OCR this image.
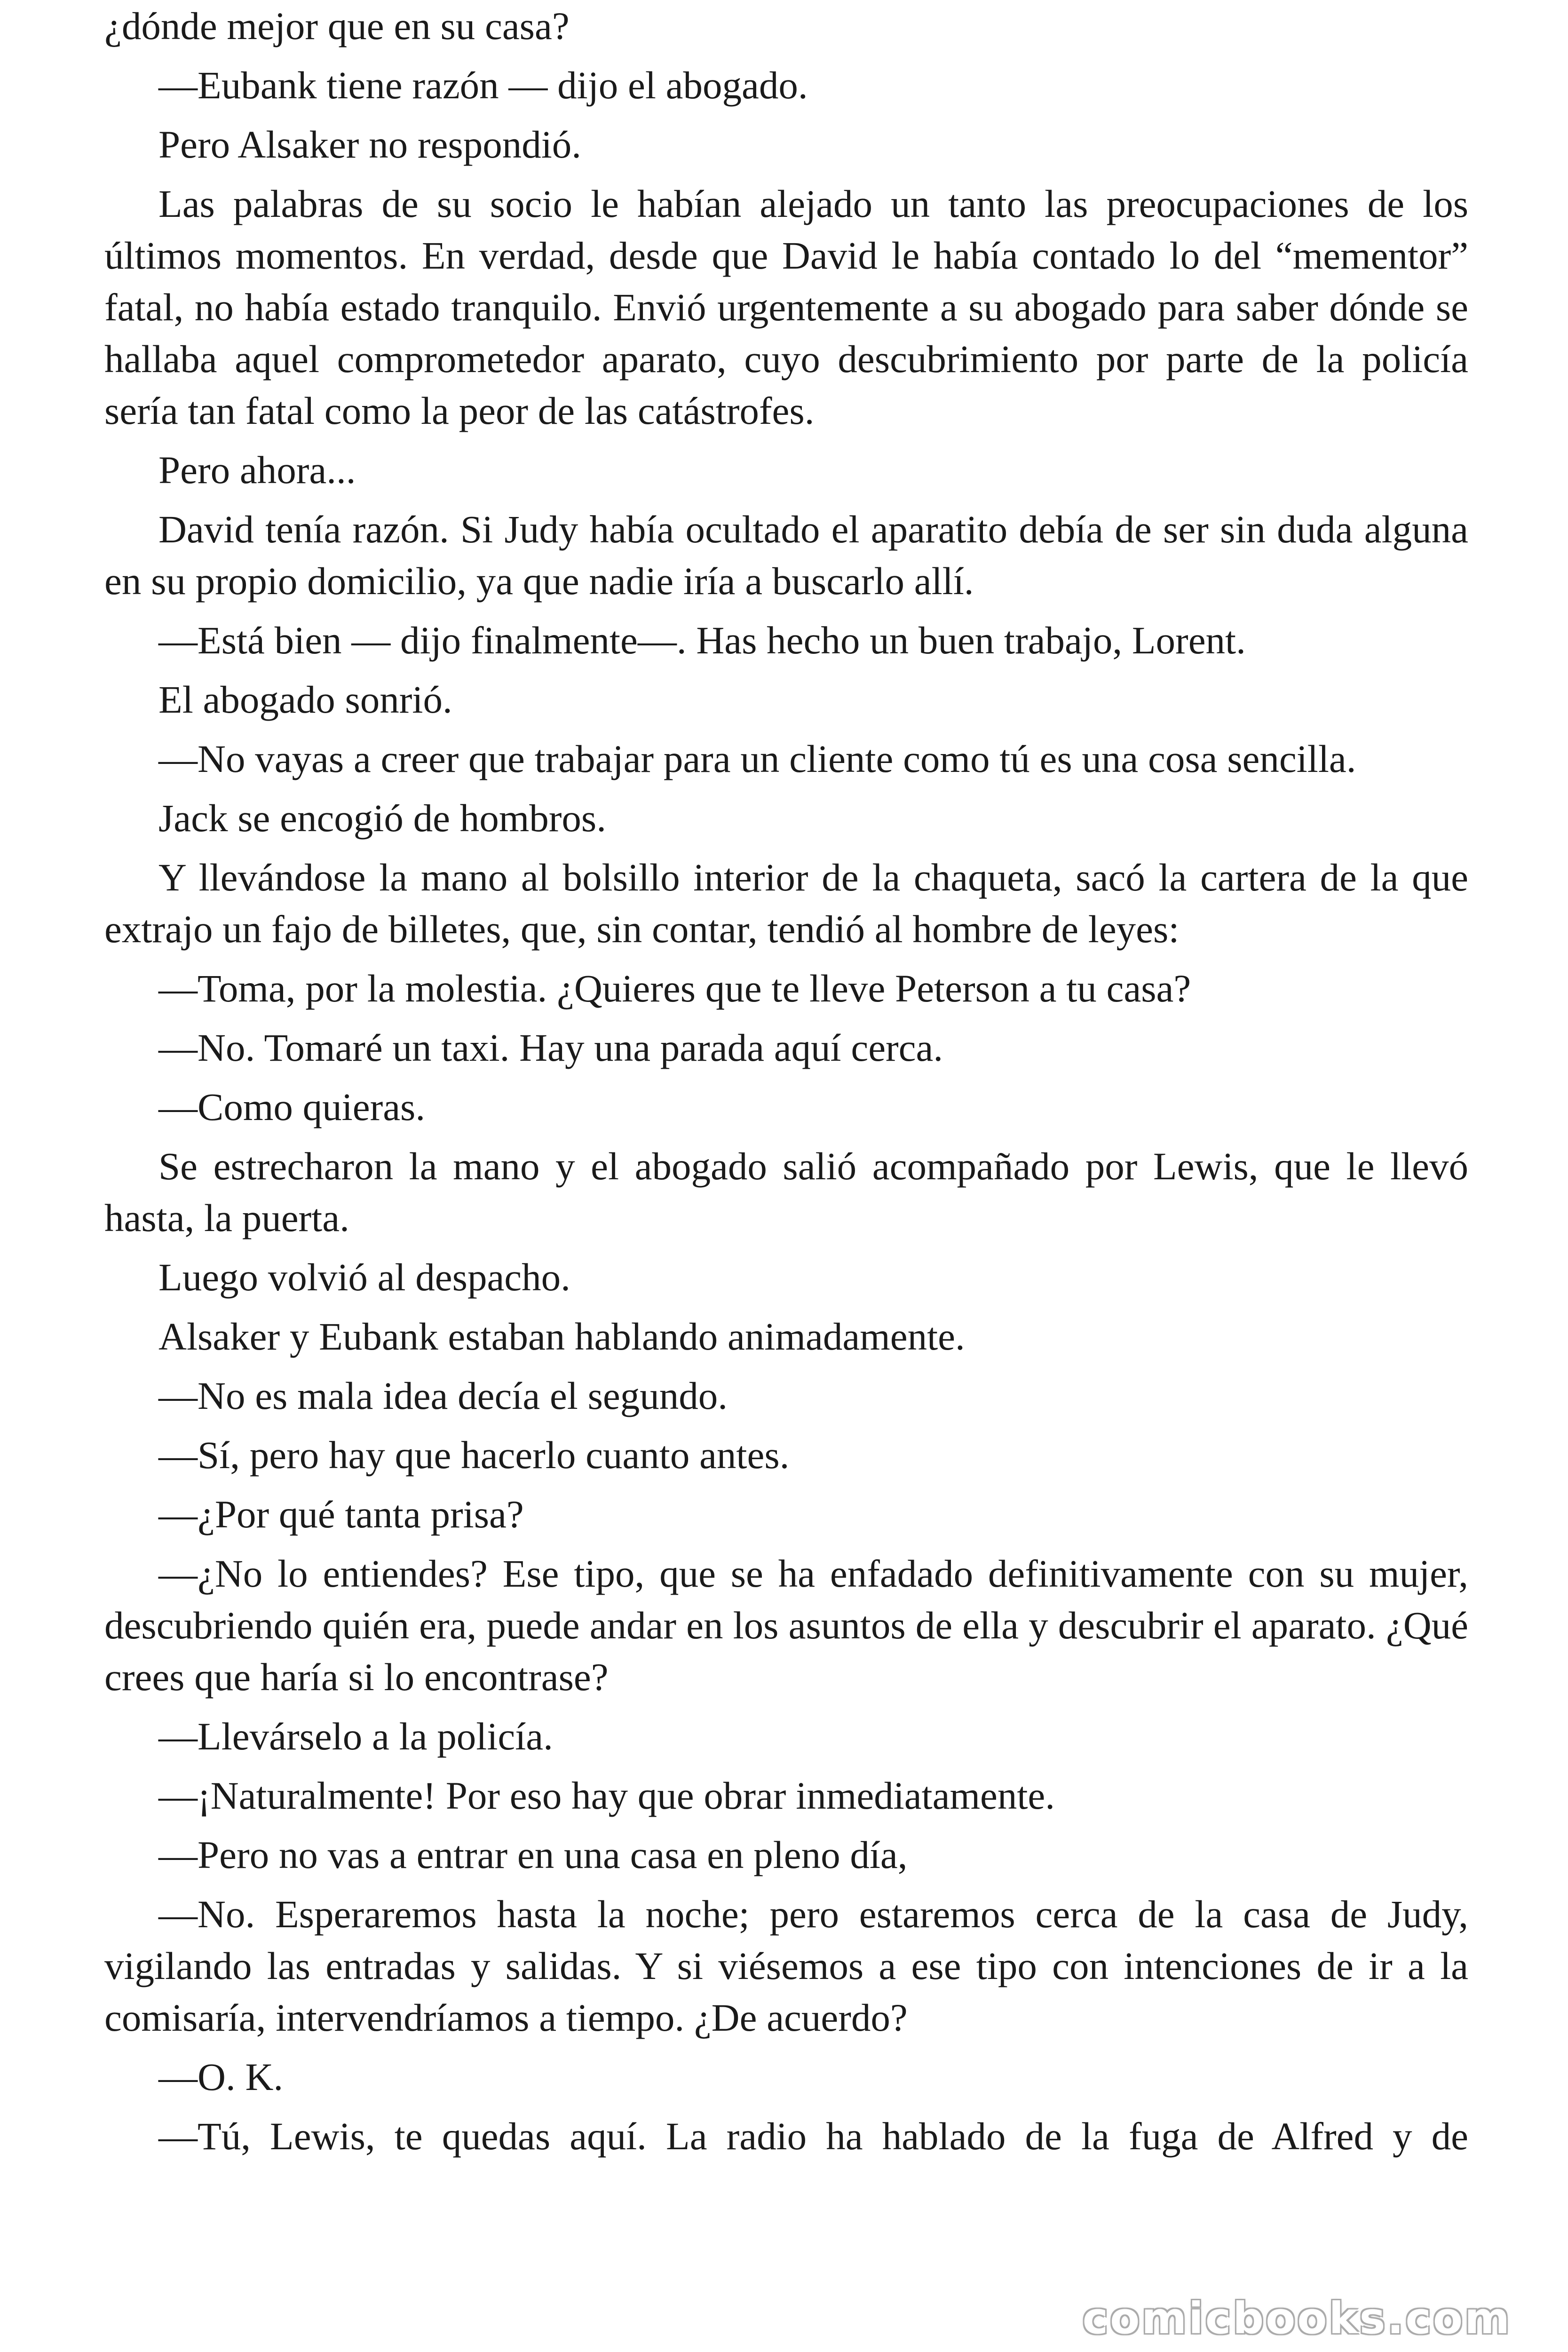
¿dónde mejor que en su casa?

—Eubank tiene razón — dijo el abogado.

Pero Alsaker no respondió.

Las palabras de su socio le habían alejado un tanto las preocupaciones de los últimos momentos. En verdad, desde que David le había contado lo del “mementor” fatal, no había estado tranquilo. Envió urgentemente a su abogado para saber dónde se hallaba aquel comprometedor aparato, cuyo descubrimiento por parte de la policía sería tan fatal como la peor de las catástrofes.

Pero ahora...

David tenía razón. Si Judy había ocultado el aparatito debía de ser sin duda alguna en su propio domicilio, ya que nadie iría a buscarlo allí.

—Está bien — dijo finalmente—. Has hecho un buen trabajo, Lorent.

El abogado sonrió.

—No vayas a creer que trabajar para un cliente como tú es una cosa sencilla.

Jack se encogió de hombros.

Y llevándose la mano al bolsillo interior de la chaqueta, sacó la cartera de la que extrajo un fajo de billetes, que, sin contar, tendió al hombre de leyes:

—Toma, por la molestia. ¿Quieres que te lleve Peterson a tu casa?

—No. Tomaré un taxi. Hay una parada aquí cerca.

—Como quieras.

Se estrecharon la mano y el abogado salió acompañado por Lewis, que le llevó hasta, la puerta.

Luego volvió al despacho.

Alsaker y Eubank estaban hablando animadamente.

—No es mala idea decía el segundo.

—Sí, pero hay que hacerlo cuanto antes.

—¿Por qué tanta prisa?

—¿No lo entiendes? Ese tipo, que se ha enfadado definitivamente con su mujer, descubriendo quién era, puede andar en los asuntos de ella y descubrir el aparato. ¿Qué crees que haría si lo encontrase?

—Llevárselo a la policía.

—¡Naturalmente! Por eso hay que obrar inmediatamente.

—Pero no vas a entrar en una casa en pleno día,

—No. Esperaremos hasta la noche; pero estaremos cerca de la casa de Judy, vigilando las entradas y salidas. Y si viésemos a ese tipo con intenciones de ir a la comisaría, intervendríamos a tiempo. ¿De acuerdo?

—O. K.

—Tú, Lewis, te quedas aquí. La radio ha hablado de la fuga de Alfred y de

comicbooks.com
